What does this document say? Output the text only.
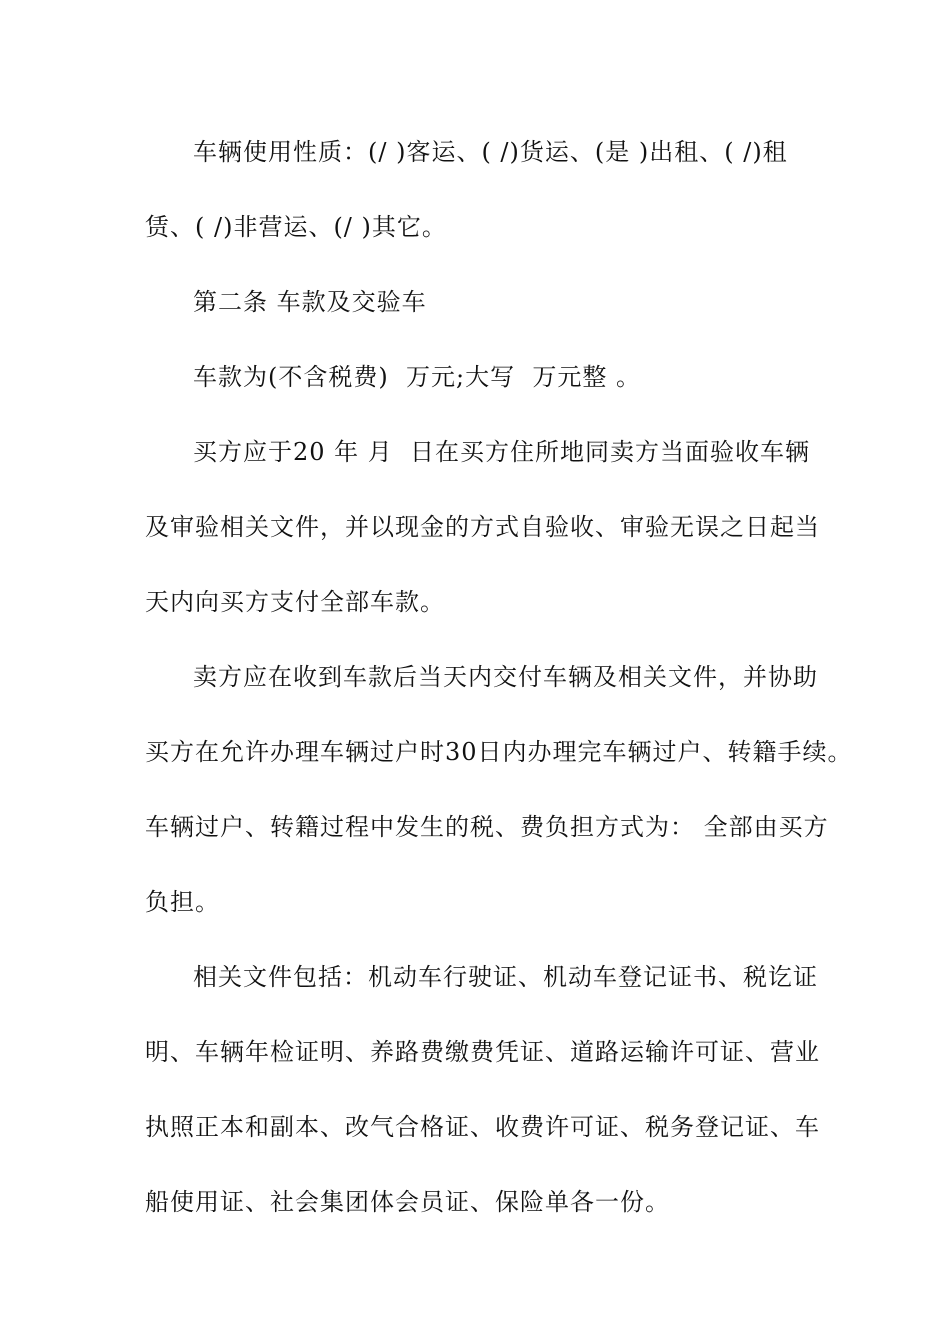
车辆使用性质：(/ )客运、( /)货运、(是 )出租、( /)租
赁、( /)非营运、(/ )其它。
第二条 车款及交验车
车款为(不含税费)  万元;大写  万元整 。
买方应于20 年 月  日在买方住所地同卖方当面验收车辆
及审验相关文件，并以现金的方式自验收、审验无误之日起当
天内向买方支付全部车款。
卖方应在收到车款后当天内交付车辆及相关文件，并协助
买方在允许办理车辆过户时30日内办理完车辆过户、转籍手续。
车辆过户、转籍过程中发生的税、费负担方式为： 全部由买方
负担。
相关文件包括：机动车行驶证、机动车登记证书、税讫证
明、车辆年检证明、养路费缴费凭证、道路运输许可证、营业
执照正本和副本、改气合格证、收费许可证、税务登记证、车
船使用证、社会集团体会员证、保险单各一份。
